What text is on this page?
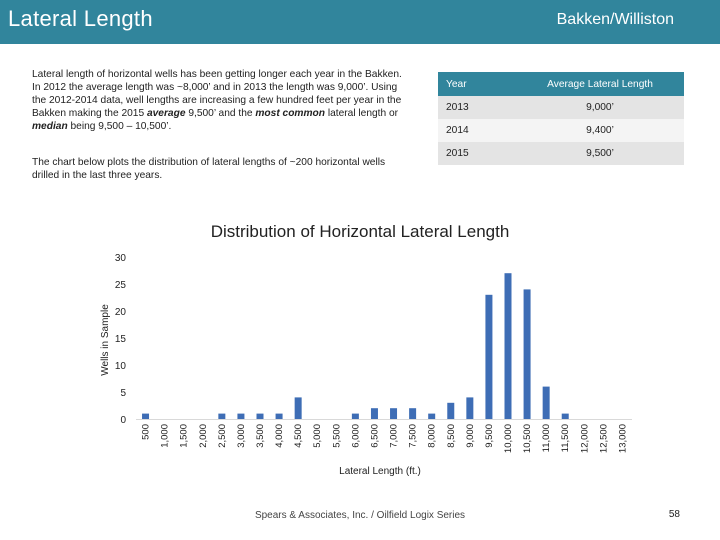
Lateral Length	Bakken/Williston
Lateral length of horizontal wells has been getting longer each year in the Bakken. In 2012 the average length was ~8,000’ and in 2013 the length was 9,000’. Using the 2012-2014 data, well lengths are increasing a few hundred feet per year in the Bakken making the 2015 average 9,500’ and the most common lateral length or median being 9,500 – 10,500’.
The chart below plots the distribution of lateral lengths of ~200 horizontal wells drilled in the last three years.
Year	Average Lateral Length
2013	9,000’
2014	9,400’
2015	9,500’
Distribution of Horizontal Lateral Length
0
5
10
15
20
25
30
500 1,000 1,500 2,000 2,500 3,000 3,500 4,000 4,500 5,000 5,500 6,000 6,500 7,000 7,500 8,000 8,500 9,000 9,500 10,000 10,500 11,000 11,500 12,000 12,500 13,000
Lateral Length (ft.)
Wells in Sample
Spears & Associates, Inc. / Oilfield Logix Series	58
